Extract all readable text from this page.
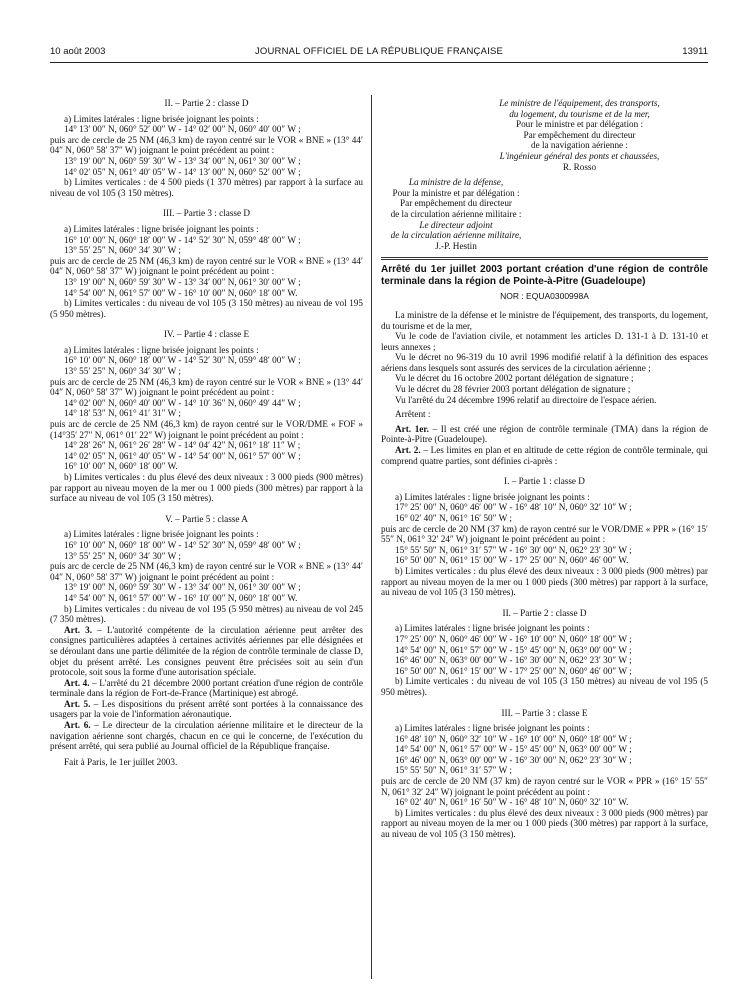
10 août 2003	JOURNAL OFFICIEL DE LA RÉPUBLIQUE FRANÇAISE	13911

II. – Partie 2 : classe D

a) Limites latérales : ligne brisée joignant les points :

14° 13′ 00″ N, 060° 52′ 00″ W - 14° 02′ 00″ N, 060° 40′ 00″ W ;

puis arc de cercle de 25 NM (46,3 km) de rayon centré sur le VOR « BNE » (13° 44′ 04″ N, 060° 58′ 37″ W) joignant le point précédent au point :

13° 19′ 00″ N, 060° 59′ 30″ W - 13° 34′ 00″ N, 061° 30′ 00″ W ;

14° 02′ 05″ N, 061° 40′ 05″ W - 14° 13′ 00″ N, 060° 52′ 00″ W ;

b) Limites verticales : de 4 500 pieds (1 370 mètres) par rapport à la surface au niveau de vol 105 (3 150 mètres).

III. – Partie 3 : classe D

a) Limites latérales : ligne brisée joignant les points :

16° 10′ 00″ N, 060° 18′ 00″ W - 14° 52′ 30″ N, 059° 48′ 00″ W ;

13° 55′ 25″ N, 060° 34′ 30″ W ;

puis arc de cercle de 25 NM (46,3 km) de rayon centré sur le VOR « BNE » (13° 44′ 04″ N, 060° 58′ 37″ W) joignant le point précédent au point :

13° 19′ 00″ N, 060° 59′ 30″ W - 13° 34′ 00″ N, 061° 30′ 00″ W ;

14° 54′ 00″ N, 061° 57′ 00″ W - 16° 10′ 00″ N, 060° 18′ 00″ W.

b) Limites verticales : du niveau de vol 105 (3 150 mètres) au niveau de vol 195 (5 950 mètres).

IV. – Partie 4 : classe E

a) Limites latérales : ligne brisée joignant les points :

16° 10′ 00″ N, 060° 18′ 00″ W - 14° 52′ 30″ N, 059° 48′ 00″ W ;

13° 55′ 25″ N, 060° 34′ 30″ W ;

puis arc de cercle de 25 NM (46,3 km) de rayon centré sur le VOR « BNE » (13° 44′ 04″ N, 060° 58′ 37″ W) joignant le point précédent au point :

14° 02′ 00″ N, 060° 40′ 00″ W - 14° 10′ 36″ N, 060° 49′ 44″ W ;

14° 18′ 53″ N, 061° 41′ 31″ W ;

puis arc de cercle de 25 NM (46,3 km) de rayon centré sur le VOR/DME « FOF » (14°35′ 27″ N, 061° 01′ 22″ W) joignant le point précédent au point :

14° 28′ 26″ N, 061° 26′ 28″ W - 14° 04′ 42″ N, 061° 18′ 11″ W ;

14° 02′ 05″ N, 061° 40′ 05″ W - 14° 54′ 00″ N, 061° 57′ 00″ W ;

16° 10′ 00″ N, 060° 18′ 00″ W.

b) Limites verticales : du plus élevé des deux niveaux : 3 000 pieds (900 mètres) par rapport au niveau moyen de la mer ou 1 000 pieds (300 mètres) par rapport à la surface au niveau de vol 105 (3 150 mètres).

V. – Partie 5 : classe A

a) Limites latérales : ligne brisée joignant les points :

16° 10′ 00″ N, 060° 18′ 00″ W - 14° 52′ 30″ N, 059° 48′ 00″ W ;

13° 55′ 25″ N, 060° 34′ 30″ W ;

puis arc de cercle de 25 NM (46,3 km) de rayon centré sur le VOR « BNE » (13° 44′ 04″ N, 060° 58′ 37″ W) joignant le point précédent au point :

13° 19′ 00″ N, 060° 59′ 30″ W - 13° 34′ 00″ N, 061° 30′ 00″ W ;

14° 54′ 00″ N, 061° 57′ 00″ W - 16° 10′ 00″ N, 060° 18′ 00″ W.

b) Limites verticales : du niveau de vol 195 (5 950 mètres) au niveau de vol 245 (7 350 mètres).

Art. 3. – L'autorité compétente de la circulation aérienne peut arrêter des consignes particulières adaptées à certaines activités aériennes par elle désignées et se déroulant dans une partie délimitée de la région de contrôle terminale de classe D, objet du présent arrêté. Les consignes peuvent être précisées soit au sein d'un protocole, soit sous la forme d'une autorisation spéciale.

Art. 4. – L'arrêté du 21 décembre 2000 portant création d'une région de contrôle terminale dans la région de Fort-de-France (Martinique) est abrogé.

Art. 5. – Les dispositions du présent arrêté sont portées à la connaissance des usagers par la voie de l'information aéronautique.

Art. 6. – Le directeur de la circulation aérienne militaire et le directeur de la navigation aérienne sont chargés, chacun en ce qui le concerne, de l'exécution du présent arrêté, qui sera publié au Journal officiel de la République française.

Fait à Paris, le 1er juillet 2003.

Le ministre de l'équipement, des transports,

du logement, du tourisme et de la mer,

Pour le ministre et par délégation :

Par empêchement du directeur

de la navigation aérienne :

L'ingénieur général des ponts et chaussées,

R. Rosso

La ministre de la défense,

Pour la ministre et par délégation :

Par empêchement du directeur

de la circulation aérienne militaire :

Le directeur adjoint

de la circulation aérienne militaire,

J.-P. Hestin

Arrêté du 1er juillet 2003 portant création d'une région de contrôle terminale dans la région de Pointe-à-Pitre (Guadeloupe)

NOR : EQUA0300998A

La ministre de la défense et le ministre de l'équipement, des transports, du logement, du tourisme et de la mer,

Vu le code de l'aviation civile, et notamment les articles D. 131-1 à D. 131-10 et leurs annexes ;

Vu le décret no 96-319 du 10 avril 1996 modifié relatif à la définition des espaces aériens dans lesquels sont assurés des services de la circulation aérienne ;

Vu le décret du 16 octobre 2002 portant délégation de signature ;

Vu le décret du 28 février 2003 portant délégation de signature ;

Vu l'arrêté du 24 décembre 1996 relatif au directoire de l'espace aérien.

Arrêtent :

Art. 1er. – Il est créé une région de contrôle terminale (TMA) dans la région de Pointe-à-Pitre (Guadeloupe).

Art. 2. – Les limites en plan et en altitude de cette région de contrôle terminale, qui comprend quatre parties, sont définies ci-après :

I. – Partie 1 : classe D

a) Limites latérales : ligne brisée joignant les points :

17° 25′ 00″ N, 060° 46′ 00″ W - 16° 48′ 10″ N, 060° 32′ 10″ W ;

16° 02′ 40″ N, 061° 16′ 50″ W ;

puis arc de cercle de 20 NM (37 km) de rayon centré sur le VOR/DME « PPR » (16° 15′ 55″ N, 061° 32′ 24″ W) joignant le point précédent au point :

15° 55′ 50″ N, 061° 31′ 57″ W - 16° 30′ 00″ N, 062° 23′ 30″ W ;

16° 50′ 00″ N, 061° 15′ 00″ W - 17° 25′ 00″ N, 060° 46′ 00″ W.

b) Limites verticales : du plus élevé des deux niveaux : 3 000 pieds (900 mètres) par rapport au niveau moyen de la mer ou 1 000 pieds (300 mètres) par rapport à la surface, au niveau de vol 105 (3 150 mètres).

II. – Partie 2 : classe D

a) Limites latérales : ligne brisée joignant les points :

17° 25′ 00″ N, 060° 46′ 00″ W - 16° 10′ 00″ N, 060° 18′ 00″ W ;

14° 54′ 00″ N, 061° 57′ 00″ W - 15° 45′ 00″ N, 063° 00′ 00″ W ;

16° 46′ 00″ N, 063° 00′ 00″ W - 16° 30′ 00″ N, 062° 23′ 30″ W ;

16° 50′ 00″ N, 061° 15′ 00″ W - 17° 25′ 00″ N, 060° 46′ 00″ W ;

b) Limite verticales : du niveau de vol 105 (3 150 mètres) au niveau de vol 195 (5 950 mètres).

III. – Partie 3 : classe E

a) Limites latérales : ligne brisée joignant les points :

16° 48′ 10″ N, 060° 32′ 10″ W - 16° 10′ 00″ N, 060° 18′ 00″ W ;

14° 54′ 00″ N, 061° 57′ 00″ W - 15° 45′ 00″ N, 063° 00′ 00″ W ;

16° 46′ 00″ N, 063° 00′ 00″ W - 16° 30′ 00″ N, 062° 23′ 30″ W ;

15° 55′ 50″ N, 061° 31′ 57″ W ;

puis arc de cercle de 20 NM (37 km) de rayon centré sur le VOR « PPR » (16° 15′ 55″ N, 061° 32′ 24″ W) joignant le point précédent au point :

16° 02′ 40″ N, 061° 16′ 50″ W - 16° 48′ 10″ N, 060° 32′ 10″ W.

b) Limites verticales : du plus élevé des deux niveaux : 3 000 pieds (900 mètres) par rapport au niveau moyen de la mer ou 1 000 pieds (300 mètres) par rapport à la surface, au niveau de vol 105 (3 150 mètres).
